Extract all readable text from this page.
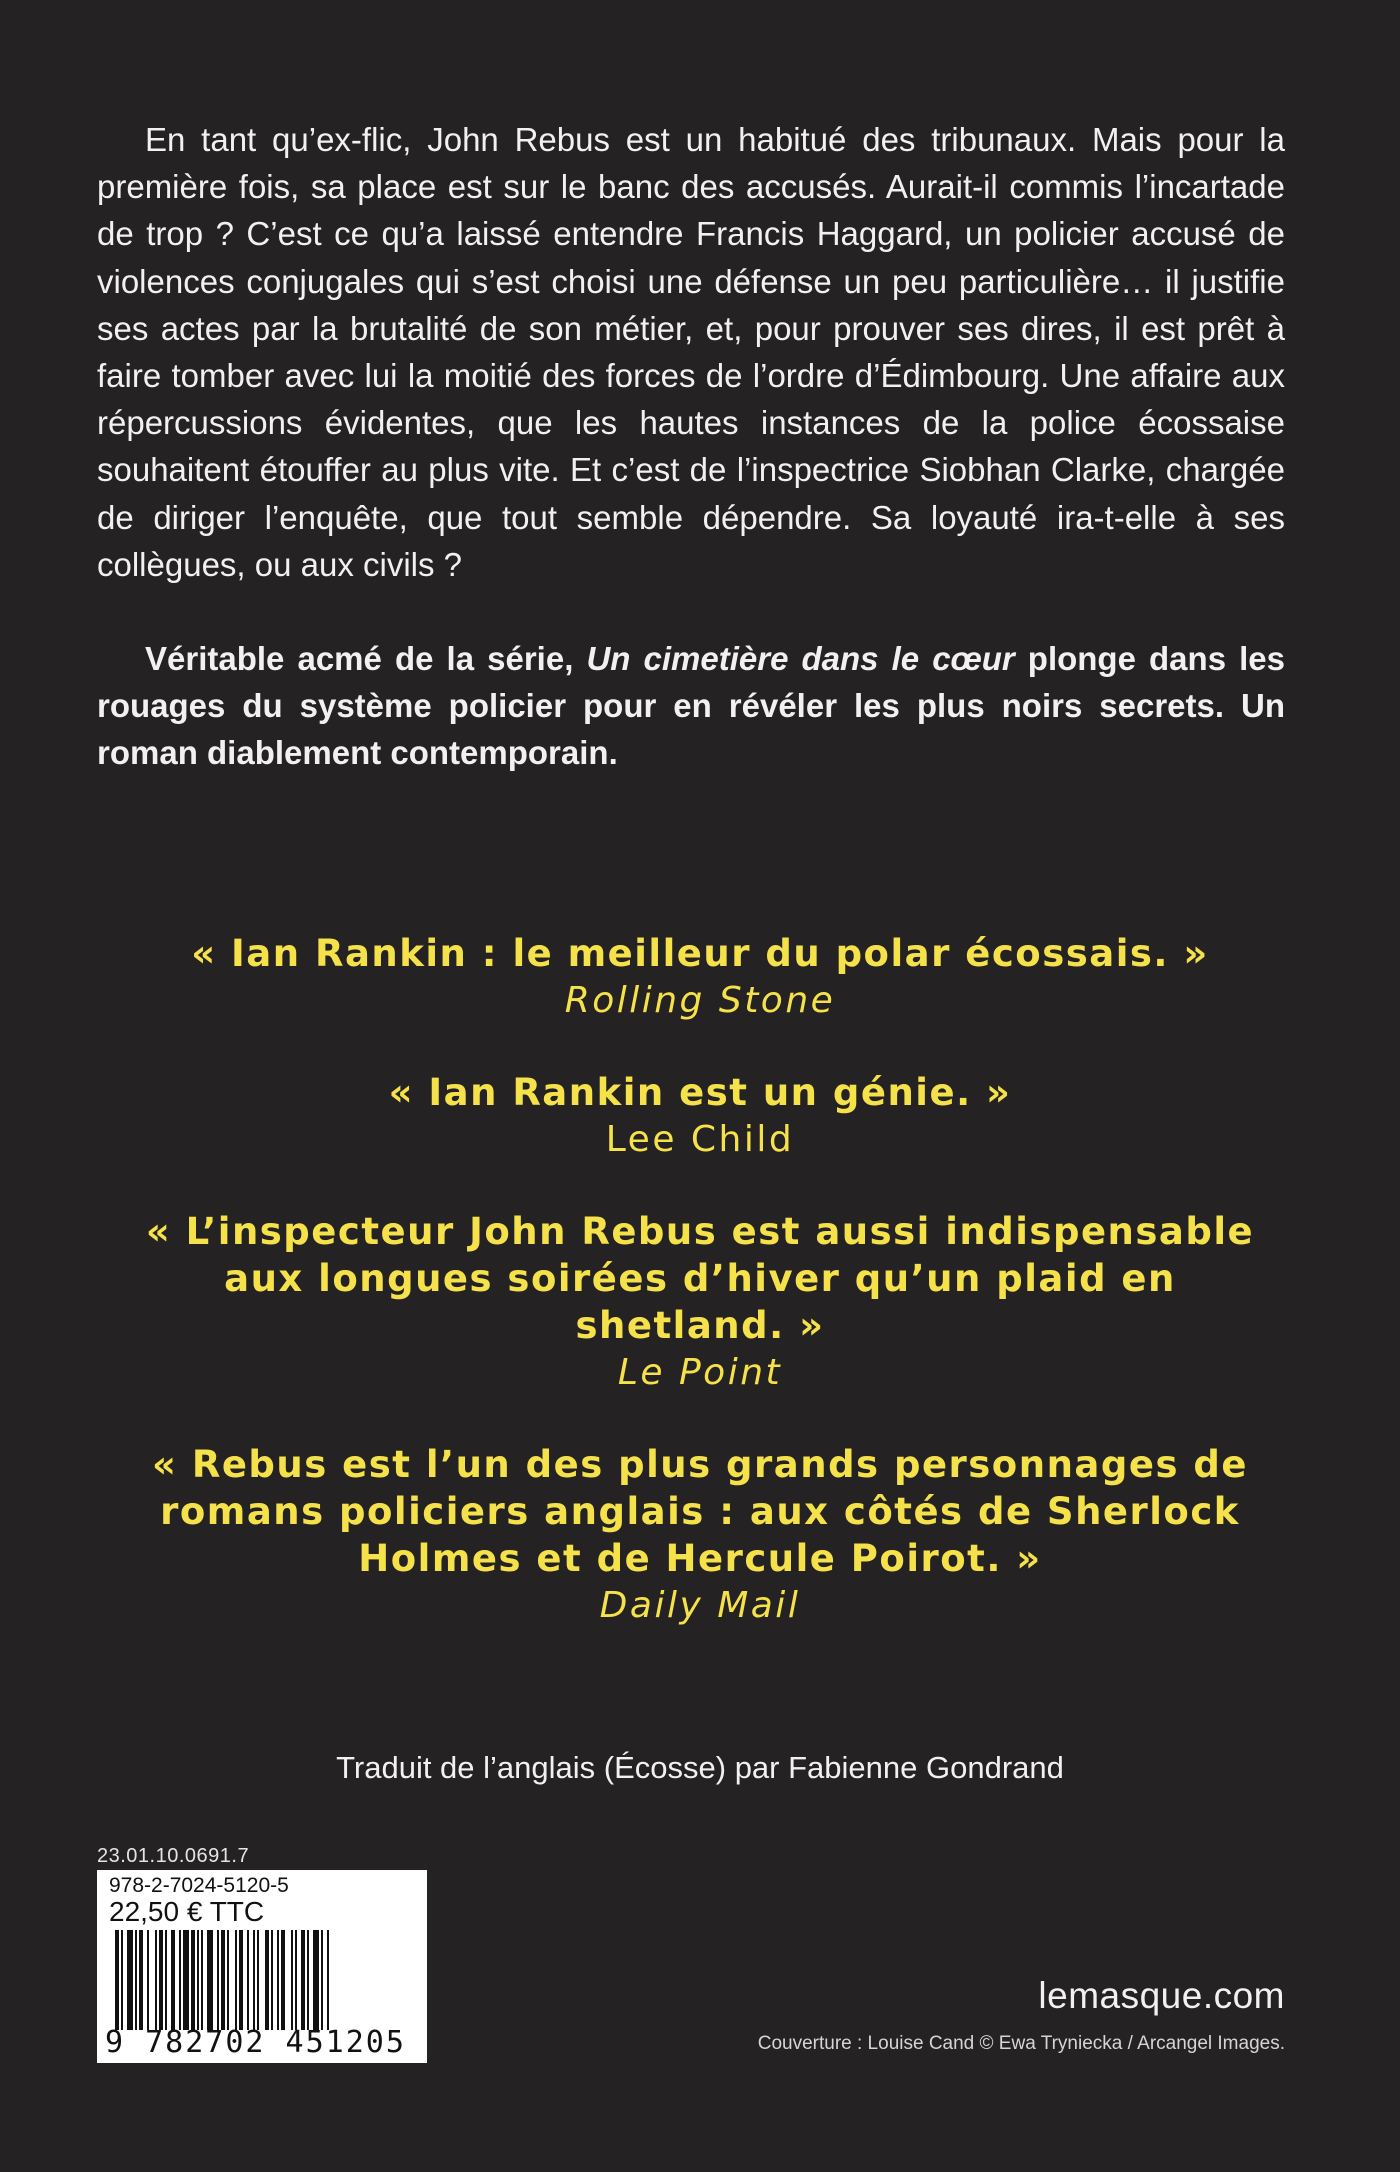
En tant qu’ex-flic, John Rebus est un habitué des tribunaux. Mais pour la première fois, sa place est sur le banc des accusés. Aurait-il commis l’incartade de trop ? C’est ce qu’a laissé entendre Francis Haggard, un policier accusé de violences conjugales qui s’est choisi une défense un peu particulière… il justifie ses actes par la brutalité de son métier, et, pour prouver ses dires, il est prêt à faire tomber avec lui la moitié des forces de l’ordre d’Édimbourg. Une affaire aux répercussions évidentes, que les hautes instances de la police écossaise souhaitent étouffer au plus vite. Et c’est de l’inspectrice Siobhan Clarke, chargée de diriger l’enquête, que tout semble dépendre. Sa loyauté ira-t-elle à ses collègues, ou aux civils ?

Véritable acmé de la série, Un cimetière dans le cœur plonge dans les rouages du système policier pour en révéler les plus noirs secrets. Un roman diablement contemporain.

« Ian Rankin : le meilleur du polar écossais. »

Rolling Stone

« Ian Rankin est un génie. »

Lee Child

« L’inspecteur John Rebus est aussi indispensable aux longues soirées d’hiver qu’un plaid en shetland. »

Le Point

« Rebus est l’un des plus grands personnages de romans policiers anglais : aux côtés de Sherlock Holmes et de Hercule Poirot. »

Daily Mail

Traduit de l’anglais (Écosse) par Fabienne Gondrand
23.01.10.0691.7
978-2-7024-5120-5
22,50 € TTC
9 782702 451205
lemasque.com
Couverture : Louise Cand © Ewa Tryniecka / Arcangel Images.
